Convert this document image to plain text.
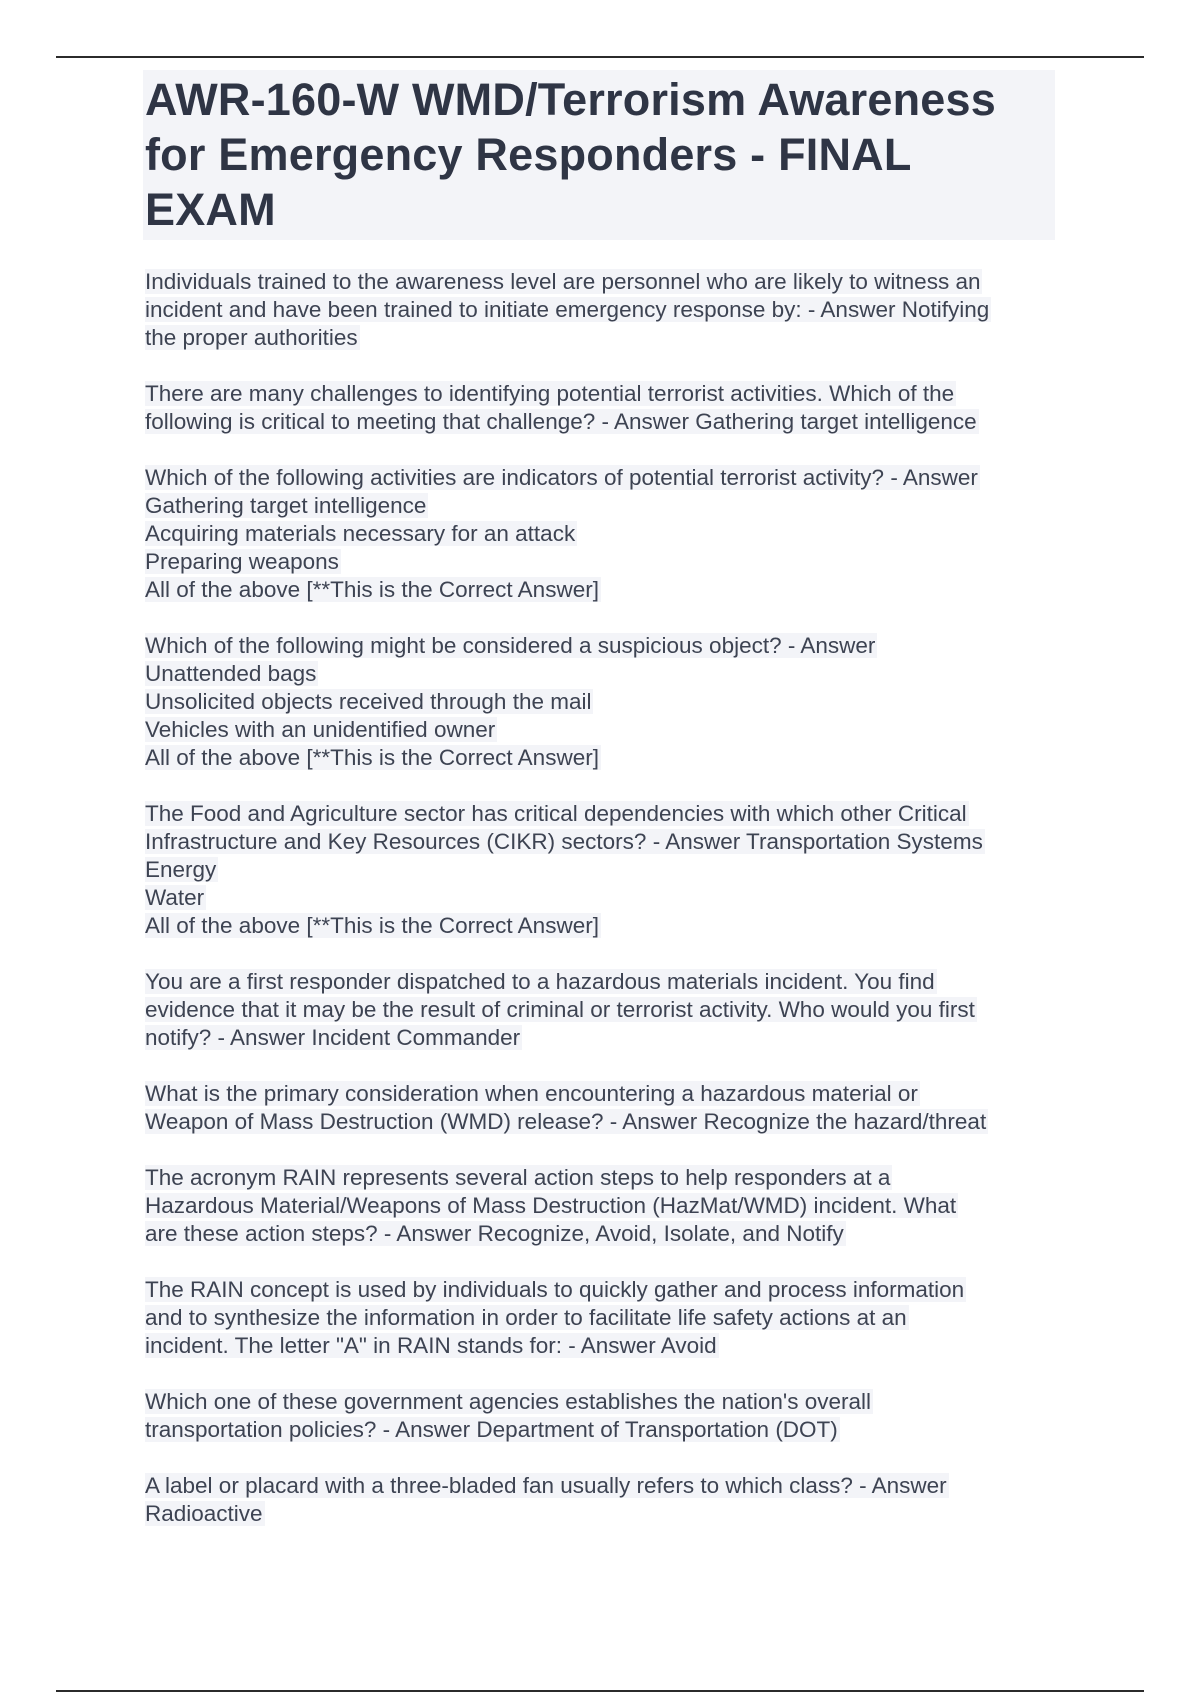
AWR-160-W WMD/Terrorism Awareness
for Emergency Responders - FINAL
EXAM
Individuals trained to the awareness level are personnel who are likely to witness an
incident and have been trained to initiate emergency response by: - Answer Notifying
the proper authorities
There are many challenges to identifying potential terrorist activities. Which of the
following is critical to meeting that challenge? - Answer Gathering target intelligence
Which of the following activities are indicators of potential terrorist activity? - Answer
Gathering target intelligence
Acquiring materials necessary for an attack
Preparing weapons
All of the above [**This is the Correct Answer]
Which of the following might be considered a suspicious object? - Answer
Unattended bags
Unsolicited objects received through the mail
Vehicles with an unidentified owner
All of the above [**This is the Correct Answer]
The Food and Agriculture sector has critical dependencies with which other Critical
Infrastructure and Key Resources (CIKR) sectors? - Answer Transportation Systems
Energy
Water
All of the above [**This is the Correct Answer]
You are a first responder dispatched to a hazardous materials incident. You find
evidence that it may be the result of criminal or terrorist activity. Who would you first
notify? - Answer Incident Commander
What is the primary consideration when encountering a hazardous material or
Weapon of Mass Destruction (WMD) release? - Answer Recognize the hazard/threat
The acronym RAIN represents several action steps to help responders at a
Hazardous Material/Weapons of Mass Destruction (HazMat/WMD) incident. What
are these action steps? - Answer Recognize, Avoid, Isolate, and Notify
The RAIN concept is used by individuals to quickly gather and process information
and to synthesize the information in order to facilitate life safety actions at an
incident. The letter "A" in RAIN stands for: - Answer Avoid
Which one of these government agencies establishes the nation's overall
transportation policies? - Answer Department of Transportation (DOT)
A label or placard with a three-bladed fan usually refers to which class? - Answer
Radioactive
